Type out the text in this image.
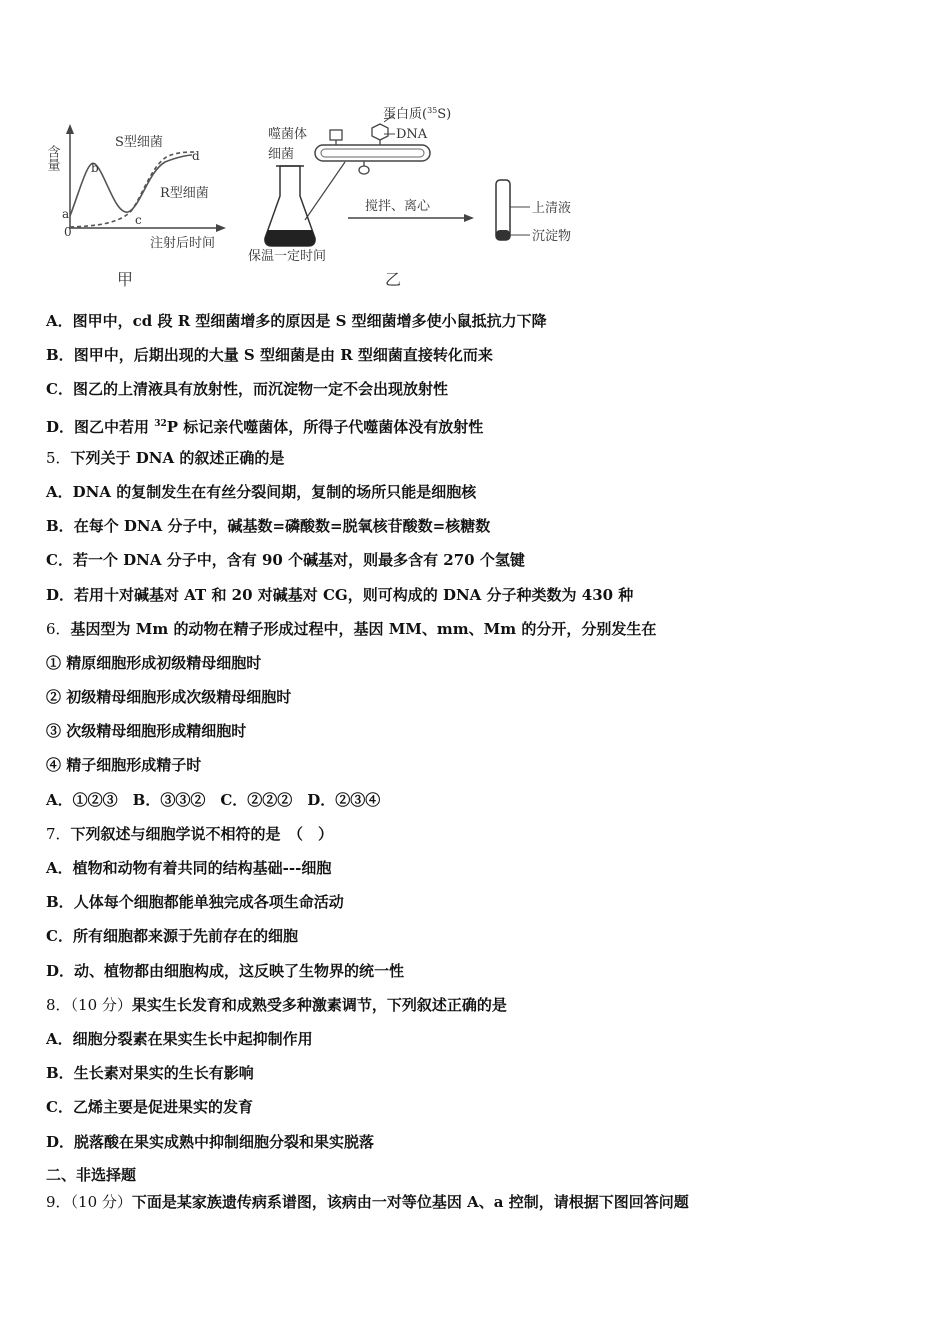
含量
S型细菌
R型细菌
b
a	c
d
0
注射后时间
甲
噬菌体
细菌
蛋白质($^{35}$S)
DNA
保温一定时间
搅拌、离心	上清液
沉淀物
乙
A．图甲中，cd 段 R 型细菌增多的原因是 S 型细菌增多使小鼠抵抗力下降
B．图甲中，后期出现的大量 S 型细菌是由 R 型细菌直接转化而来
C．图乙的上清液具有放射性，而沉淀物一定不会出现放射性
D．图乙中若用 $^{32}$P 标记亲代噬菌体，所得子代噬菌体没有放射性
5．下列关于 DNA 的叙述正确的是
A．DNA 的复制发生在有丝分裂间期，复制的场所只能是细胞核
B．在每个 DNA 分子中，碱基数=磷酸数=脱氧核苷酸数=核糖数
C．若一个 DNA 分子中，含有 90 个碱基对，则最多含有 270 个氢键
D．若用十对碱基对 AT 和 20 对碱基对 CG，则可构成的 DNA 分子种类数为 430 种
6．基因型为 Mm 的动物在精子形成过程中，基因 MM、mm、Mm 的分开，分别发生在
① 精原细胞形成初级精母细胞时
② 初级精母细胞形成次级精母细胞时
③ 次级精母细胞形成精细胞时
④ 精子细胞形成精子时
A．①②③　B．③③②　C．②②②　D．②③④
7．下列叙述与细胞学说不相符的是　（　）
A．植物和动物有着共同的结构基础---细胞
B．人体每个细胞都能单独完成各项生命活动
C．所有细胞都来源于先前存在的细胞
D．动、植物都由细胞构成，这反映了生物界的统一性
8．（10 分）果实生长发育和成熟受多种激素调节，下列叙述正确的是
A．细胞分裂素在果实生长中起抑制作用
B．生长素对果实的生长有影响
C．乙烯主要是促进果实的发育
D．脱落酸在果实成熟中抑制细胞分裂和果实脱落
二、非选择题
9．（10 分）下面是某家族遗传病系谱图，该病由一对等位基因 A、a 控制，请根据下图回答问题
